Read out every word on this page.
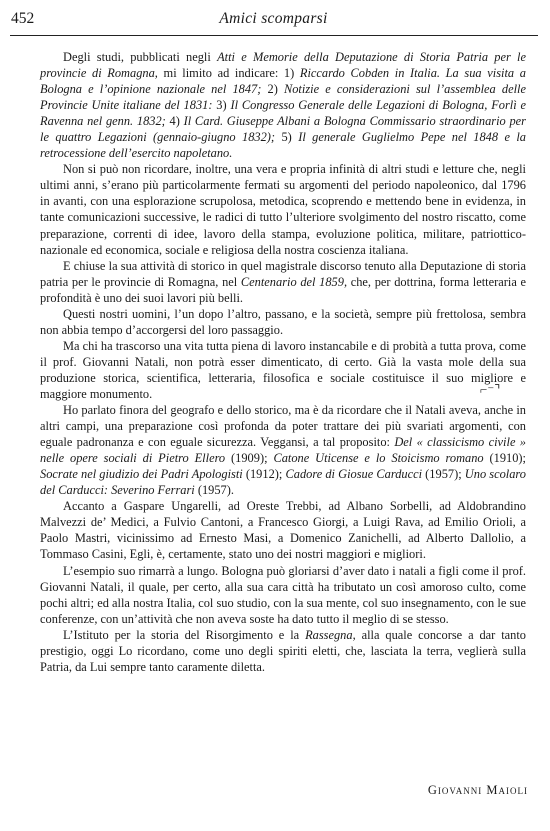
452	Amici scomparsi

Degli studi, pubblicati negli Atti e Memorie della Deputazione di Storia Patria per le provincie di Romagna, mi limito ad indicare: 1) Riccardo Cobden in Italia. La sua visita a Bologna e l’opinione nazionale nel 1847; 2) Notizie e considerazioni sul l’assemblea delle Provincie Unite italiane del 1831: 3) Il Congresso Generale delle Legazioni di Bologna, Forlì e Ravenna nel genn. 1832; 4) Il Card. Giuseppe Albani a Bologna Commissario straordinario per le quattro Legazioni (gennaio-giugno 1832); 5) Il generale Guglielmo Pepe nel 1848 e la retrocessione dell’esercito napoletano.

Non si può non ricordare, inoltre, una vera e propria infinità di altri studi e letture che, negli ultimi anni, s’erano più particolarmente fermati su argomenti del periodo napoleonico, dal 1796 in avanti, con una esplorazione scrupolosa, metodica, scoprendo e mettendo bene in evidenza, in tante comunicazioni successive, le radici di tutto l’ulteriore svolgimento del nostro riscatto, come preparazione, correnti di idee, lavoro della stampa, evoluzione politica, militare, patriottico-nazionale ed economica, sociale e religiosa della nostra coscienza italiana.

E chiuse la sua attività di storico in quel magistrale discorso tenuto alla Deputazione di storia patria per le provincie di Romagna, nel Centenario del 1859, che, per dottrina, forma letteraria e profondità è uno dei suoi lavori più belli.

Questi nostri uomini, l’un dopo l’altro, passano, e la società, sempre più frettolosa, sembra non abbia tempo d’accorgersi del loro passaggio.

Ma chi ha trascorso una vita tutta piena di lavoro instancabile e di probità a tutta prova, come il prof. Giovanni Natali, non potrà esser dimenticato, di certo. Già la vasta mole della sua produzione storica, scientifica, letteraria, filosofica e sociale costituisce il suo migliore e maggiore monumento.

Ho parlato finora del geografo e dello storico, ma è da ricordare che il Natali aveva, anche in altri campi, una preparazione così profonda da poter trattare dei più svariati argomenti, con eguale padronanza e con eguale sicurezza. Veggansi, a tal proposito: Del « classicismo civile » nelle opere sociali di Pietro Ellero (1909); Catone Uticense e lo Stoicismo romano (1910); Socrate nel giudizio dei Padri Apologisti (1912); Cadore di Giosue Carducci (1957); Uno scolaro del Carducci: Severino Ferrari (1957).

Accanto a Gaspare Ungarelli, ad Oreste Trebbi, ad Albano Sorbelli, ad Aldobrandino Malvezzi de’ Medici, a Fulvio Cantoni, a Francesco Giorgi, a Luigi Rava, ad Emilio Orioli, a Paolo Mastri, vicinissimo ad Ernesto Masi, a Domenico Zanichelli, ad Alberto Dallolio, a Tommaso Casini, Egli, è, certamente, stato uno dei nostri maggiori e migliori.

L’esempio suo rimarrà a lungo. Bologna può gloriarsi d’aver dato i natali a figli come il prof. Giovanni Natali, il quale, per certo, alla sua cara città ha tributato un così amoroso culto, come pochi altri; ed alla nostra Italia, col suo studio, con la sua mente, col suo insegnamento, con le sue conferenze, con un’attività che non aveva soste ha dato tutto il meglio di se stesso.

L’Istituto per la storia del Risorgimento e la Rassegna, alla quale concorse a dar tanto prestigio, oggi Lo ricordano, come uno degli spiriti eletti, che, lasciata la terra, veglierà sulla Patria, da Lui sempre tanto caramente diletta.

⌐⁻⌝
Giovanni Maioli
